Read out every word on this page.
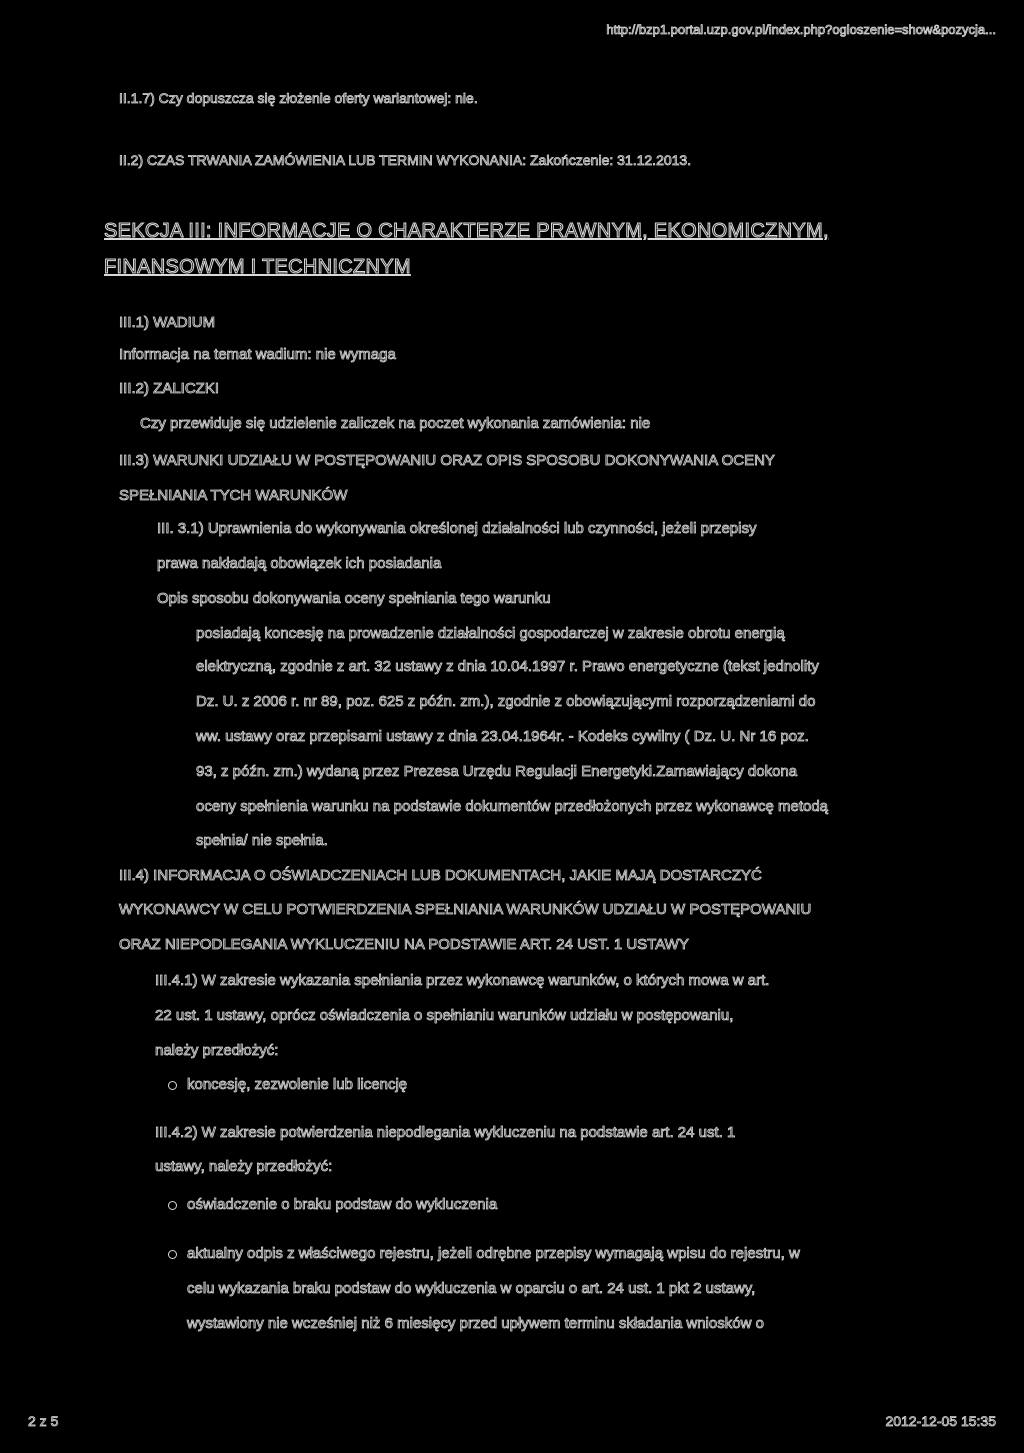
http://bzp1.portal.uzp.gov.pl/index.php?ogloszenie=show&pozycja...
II.1.7) Czy dopuszcza się złożenie oferty wariantowej: nie.
II.2) CZAS TRWANIA ZAMÓWIENIA LUB TERMIN WYKONANIA: Zakończenie: 31.12.2013.
SEKCJA III: INFORMACJE O CHARAKTERZE PRAWNYM, EKONOMICZNYM,
FINANSOWYM I TECHNICZNYM
III.1) WADIUM
Informacja na temat wadium: nie wymaga
III.2) ZALICZKI
Czy przewiduje się udzielenie zaliczek na poczet wykonania zamówienia: nie
III.3) WARUNKI UDZIAŁU W POSTĘPOWANIU ORAZ OPIS SPOSOBU DOKONYWANIA OCENY
SPEŁNIANIA TYCH WARUNKÓW
III. 3.1) Uprawnienia do wykonywania określonej działalności lub czynności, jeżeli przepisy
prawa nakładają obowiązek ich posiadania
Opis sposobu dokonywania oceny spełniania tego warunku
posiadają koncesję na prowadzenie działalności gospodarczej w zakresie obrotu energią
elektryczną, zgodnie z art. 32 ustawy z dnia 10.04.1997 r. Prawo energetyczne (tekst jednolity
Dz. U. z 2006 r. nr 89, poz. 625 z późn. zm.), zgodnie z obowiązującymi rozporządzeniami do
ww. ustawy oraz przepisami ustawy z dnia 23.04.1964r. - Kodeks cywilny ( Dz. U. Nr 16 poz.
93, z późn. zm.) wydaną przez Prezesa Urzędu Regulacji Energetyki.Zamawiający dokona
oceny spełnienia warunku na podstawie dokumentów przedłożonych przez wykonawcę metodą
spełnia/ nie spełnia.
III.4) INFORMACJA O OŚWIADCZENIACH LUB DOKUMENTACH, JAKIE MAJĄ DOSTARCZYĆ
WYKONAWCY W CELU POTWIERDZENIA SPEŁNIANIA WARUNKÓW UDZIAŁU W POSTĘPOWANIU
ORAZ NIEPODLEGANIA WYKLUCZENIU NA PODSTAWIE ART. 24 UST. 1 USTAWY
III.4.1) W zakresie wykazania spełniania przez wykonawcę warunków, o których mowa w art.
22 ust. 1 ustawy, oprócz oświadczenia o spełnianiu warunków udziału w postępowaniu,
należy przedłożyć:
koncesję, zezwolenie lub licencję
III.4.2) W zakresie potwierdzenia niepodlegania wykluczeniu na podstawie art. 24 ust. 1
ustawy, należy przedłożyć:
oświadczenie o braku podstaw do wykluczenia
aktualny odpis z właściwego rejestru, jeżeli odrębne przepisy wymagają wpisu do rejestru, w
celu wykazania braku podstaw do wykluczenia w oparciu o art. 24 ust. 1 pkt 2 ustawy,
wystawiony nie wcześniej niż 6 miesięcy przed upływem terminu składania wniosków o
2 z 5	2012-12-05 15:35
